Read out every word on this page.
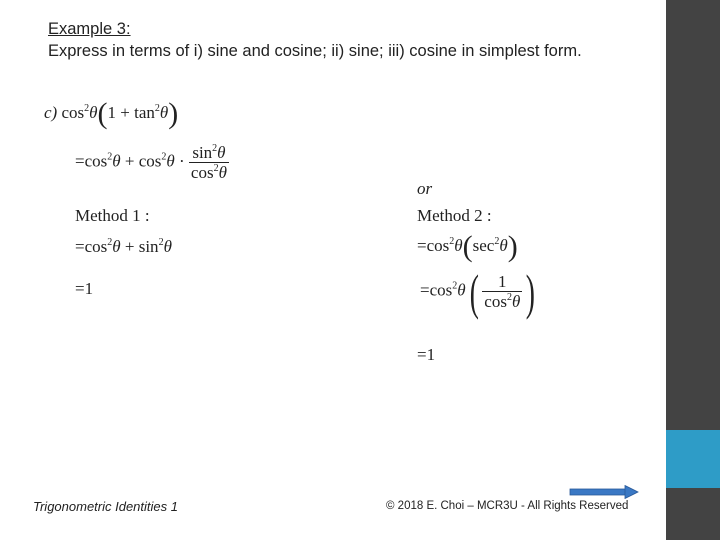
Example 3:
Express in terms of i) sine and cosine; ii) sine; iii) cosine in simplest form.
c) $\cos^2\theta(1 + \tan^2\theta)$
$=\cos^2\theta + \cos^2\theta \cdot \frac{\sin^2\theta}{\cos^2\theta}$
or
Method 1 :
$=\cos^2\theta + \sin^2\theta$
=1
Method 2 :
$=\cos^2\theta(\sec^2\theta)$
$=\cos^2\theta( \frac{1}{\cos^2\theta}$ )
=1
Trigonometric Identities 1	© 2018 E. Choi – MCR3U - All Rights Reserved
